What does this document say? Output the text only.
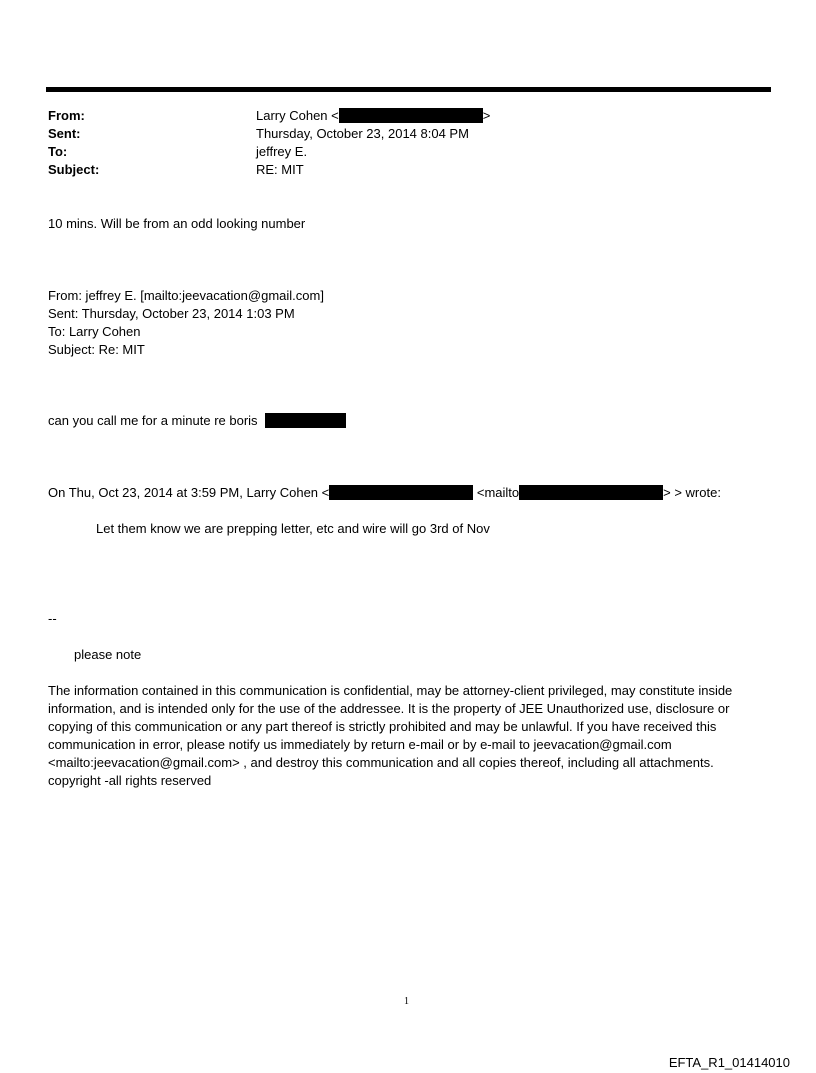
From:	Larry Cohen <	>
Sent:	Thursday, October 23, 2014 8:04 PM
To:	jeffrey E.
Subject:	RE: MIT
10 mins. Will be from an odd looking number
From: jeffrey E. [mailto:jeevacation@gmail.com]
Sent: Thursday, October 23, 2014 1:03 PM
To: Larry Cohen
Subject: Re: MIT
can you call me for a minute re boris
On Thu, Oct 23, 2014 at 3:59 PM, Larry Cohen <	<mailto	> > wrote:
Let them know we are prepping letter, etc and wire will go 3rd of Nov
--
please note
The information contained in this communication is confidential, may be attorney-client privileged, may constitute inside information, and is intended only for the use of the addressee. It is the property of JEE Unauthorized use, disclosure or copying of this communication or any part thereof is strictly prohibited and may be unlawful. If you have received this communication in error, please notify us immediately by return e-mail or by e-mail to jeevacation@gmail.com <mailto:jeevacation@gmail.com> , and destroy this communication and all copies thereof, including all attachments. copyright -all rights reserved
1
EFTA_R1_01414010
